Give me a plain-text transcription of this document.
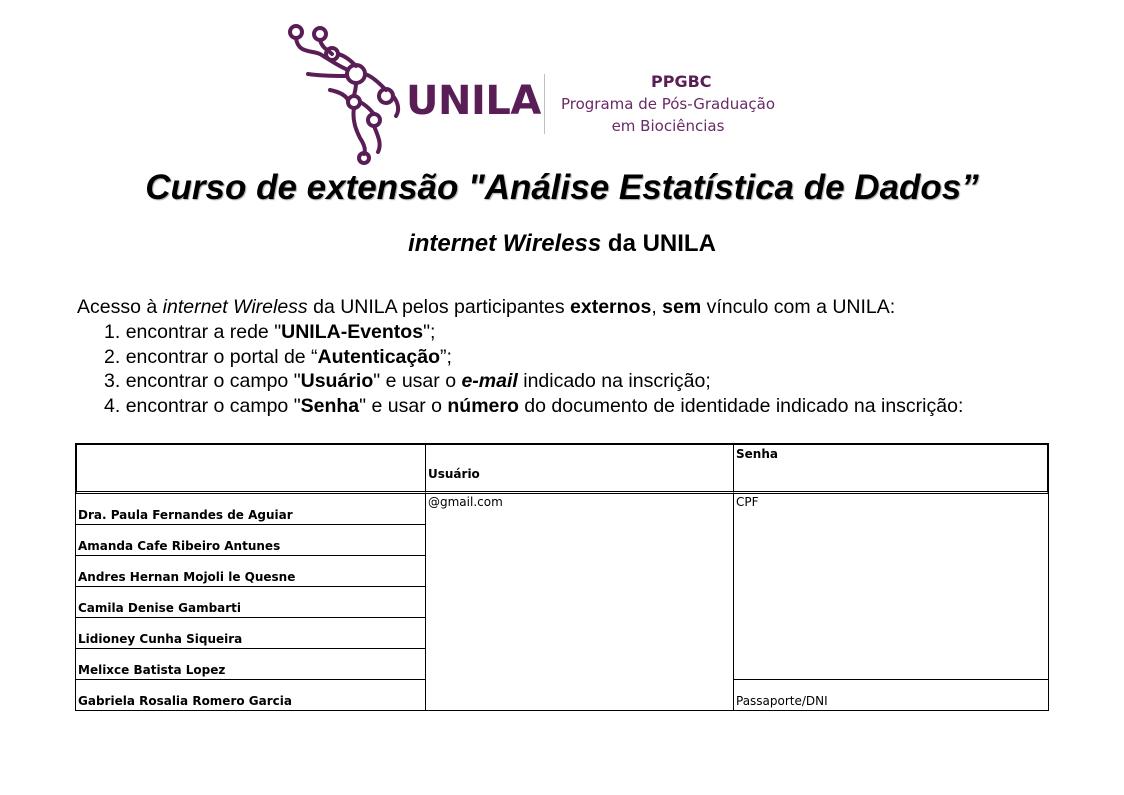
UNILA	PPGBC
Programa de Pós-Graduação
em Biociências
Curso de extensão "Análise Estatística de Dados”
internet Wireless da UNILA
Acesso à internet Wireless da UNILA pelos participantes externos, sem vínculo com a UNILA:
1. encontrar a rede "UNILA-Eventos";
2. encontrar o portal de “Autenticação”;
3. encontrar o campo "Usuário" e usar o e-mail indicado na inscrição;
4. encontrar o campo "Senha" e usar o número do documento de identidade indicado na inscrição:
	Usuário	Senha
Dra. Paula Fernandes de Aguiar	@gmail.com	CPF
Amanda Cafe Ribeiro Antunes		
Andres Hernan Mojoli le Quesne		
Camila Denise Gambarti		
Lidioney Cunha Siqueira		
Melixce Batista Lopez		
Gabriela Rosalia Romero Garcia		Passaporte/DNI
